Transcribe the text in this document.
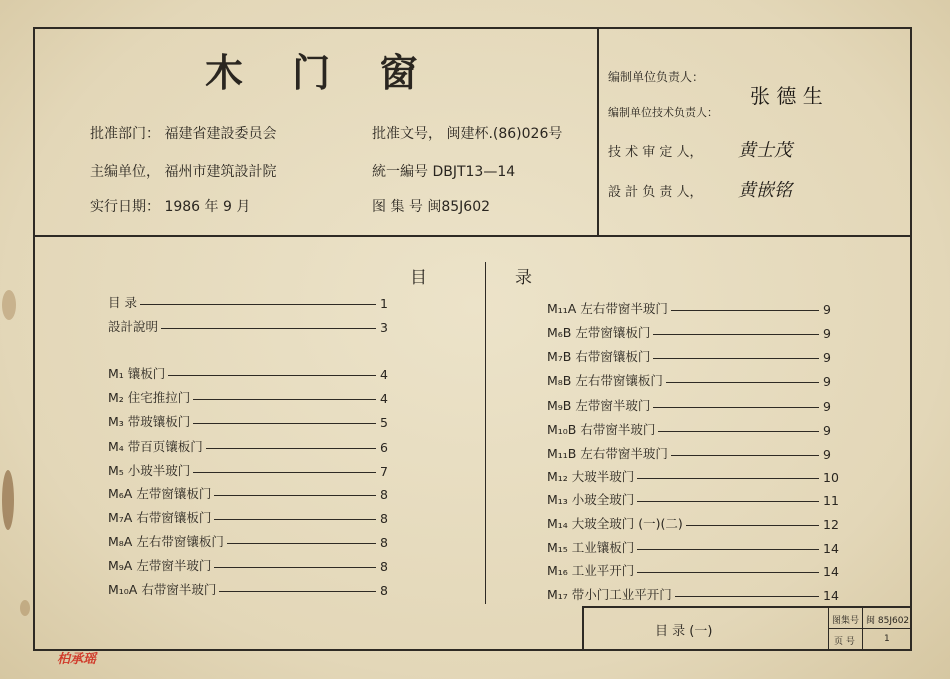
木 门 窗
批准部门： 福建省建設委员会	批准文号， 闽建杯.(86)026号
主编单位， 福州市建筑設計院	統一編号 DBJT13—14
实行日期： 1986 年 9 月	图 集 号 闽85J602
编制单位负责人：
张 德 生
编制单位技术负责人：
技 术 审 定 人， 黄士茂
設 計 负 责 人， 黄嵌铭
目	录
目 录	1
設計說明	3
M₁ 镶板门	4
M₂ 住宅推拉门	4
M₃ 带玻镶板门	5
M₄ 带百页镶板门	6
M₅ 小玻半玻门	7
M₆A 左带窗镶板门	8
M₇A 右带窗镶板门	8
M₈A 左右带窗镶板门	8
M₉A 左带窗半玻门	8
M₁₀A 右带窗半玻门	8
M₁₁A 左右带窗半玻门	9
M₆B 左带窗镶板门	9
M₇B 右带窗镶板门	9
M₈B 左右带窗镶板门	9
M₉B 左带窗半玻门	9
M₁₀B 右带窗半玻门	9
M₁₁B 左右带窗半玻门	9
M₁₂ 大玻半玻门	10
M₁₃ 小玻全玻门	11
M₁₄ 大玻全玻门 (一)(二)	12
M₁₅ 工业镶板门	14
M₁₆ 工业平开门	14
M₁₇ 带小门工业平开门	14
目 录 (一)
图集号 闽 85J602
页 号	1
柏承瑶
